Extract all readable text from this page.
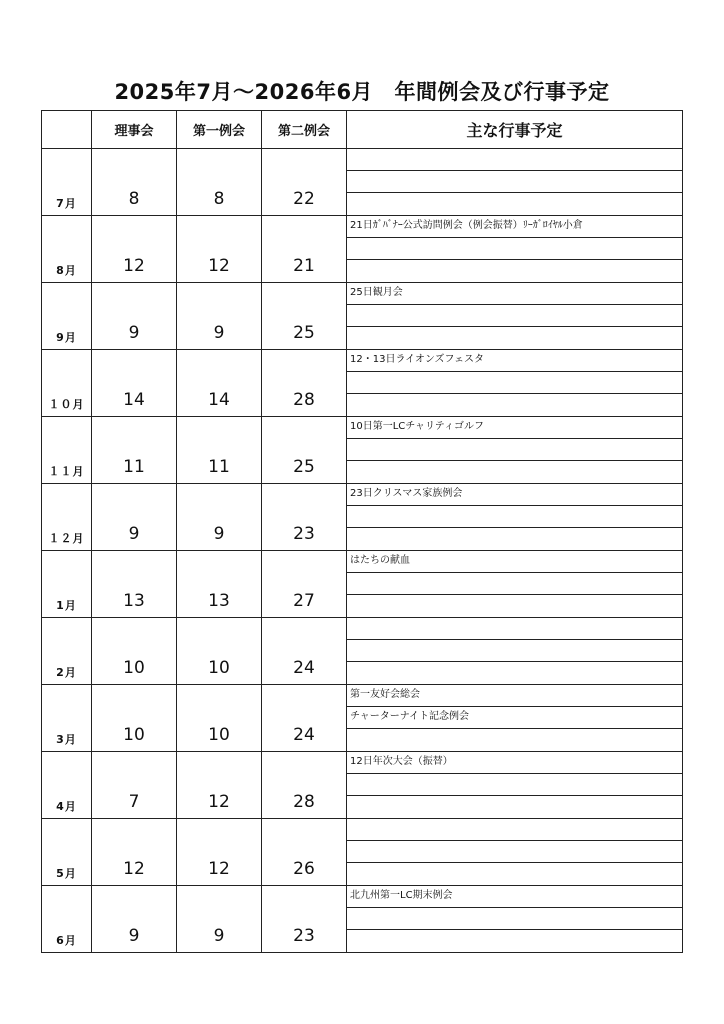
2025年7月～2026年6月　年間例会及び行事予定
	理事会	第一例会	第二例会	主な行事予定
7月	8	8	22	

8月	12	12	21	21日ｶﾞﾊﾞﾅｰ公式訪問例会（例会振替）ﾘｰｶﾞﾛｲﾔﾙ小倉

9月	9	9	25	25日観月会

１０月	14	14	28	12・13日ライオンズフェスタ

１１月	11	11	25	10日第一LCチャリティゴルフ

１２月	9	9	23	23日クリスマス家族例会

1月	13	13	27	はたちの献血

2月	10	10	24	

3月	10	10	24	第一友好会総会
チャーターナイト記念例会

4月	7	12	28	12日年次大会（振替）

5月	12	12	26	

6月	9	9	23	北九州第一LC期末例会
